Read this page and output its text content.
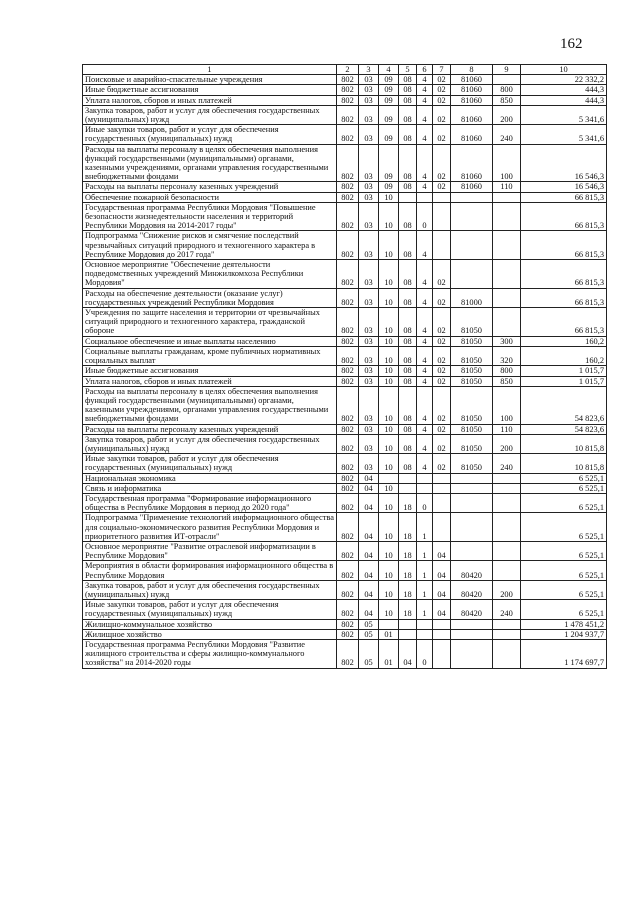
162
1	2	3	4	5	6	7	8	9	10
Поисковые и аварийно-спасательные учреждения	802	03	09	08	4	02	81060		22 332,2
Иные бюджетные ассигнования	802	03	09	08	4	02	81060	800	444,3
Уплата налогов, сборов и иных платежей	802	03	09	08	4	02	81060	850	444,3
Закупка товаров, работ и услуг для обеспечения государственных (муниципальных) нужд	802	03	09	08	4	02	81060	200	5 341,6
Иные закупки товаров, работ и услуг для обеспечения государственных (муниципальных) нужд	802	03	09	08	4	02	81060	240	5 341,6
Расходы на выплаты персоналу в целях обеспечения выполнения функций государственными (муниципальными) органами, казенными учреждениями, органами управления государственными внебюджетными фондами	802	03	09	08	4	02	81060	100	16 546,3
Расходы на выплаты персоналу казенных учреждений	802	03	09	08	4	02	81060	110	16 546,3
Обеспечение пожарной безопасности	802	03	10						66 815,3
Государственная программа Республики Мордовия "Повышение безопасности жизнедеятельности населения и территорий Республики Мордовия на 2014-2017 годы"	802	03	10	08	0				66 815,3
Подпрограмма "Снижение рисков и смягчение последствий чрезвычайных ситуаций природного и техногенного характера в Республике Мордовия до 2017 года"	802	03	10	08	4				66 815,3
Основное мероприятие "Обеспечение деятельности подведомственных учреждений Минжилкомхоза Республики Мордовия"	802	03	10	08	4	02			66 815,3
Расходы на обеспечение деятельности (оказание услуг) государственных учреждений Республики Мордовия	802	03	10	08	4	02	81000		66 815,3
Учреждения по защите населения и территории от чрезвычайных ситуаций природного и техногенного характера, гражданской обороне	802	03	10	08	4	02	81050		66 815,3
Социальное обеспечение и иные выплаты населению	802	03	10	08	4	02	81050	300	160,2
Социальные выплаты гражданам, кроме публичных нормативных социальных выплат	802	03	10	08	4	02	81050	320	160,2
Иные бюджетные ассигнования	802	03	10	08	4	02	81050	800	1 015,7
Уплата налогов, сборов и иных платежей	802	03	10	08	4	02	81050	850	1 015,7
Расходы на выплаты персоналу в целях обеспечения выполнения функций государственными (муниципальными) органами, казенными учреждениями, органами управления государственными внебюджетными фондами	802	03	10	08	4	02	81050	100	54 823,6
Расходы на выплаты персоналу казенных учреждений	802	03	10	08	4	02	81050	110	54 823,6
Закупка товаров, работ и услуг для обеспечения государственных (муниципальных) нужд	802	03	10	08	4	02	81050	200	10 815,8
Иные закупки товаров, работ и услуг для обеспечения государственных (муниципальных) нужд	802	03	10	08	4	02	81050	240	10 815,8
Национальная экономика	802	04							6 525,1
Связь и информатика	802	04	10						6 525,1
Государственная программа "Формирование информационного общества в Республике Мордовия в период до 2020 года"	802	04	10	18	0				6 525,1
Подпрограмма "Применение технологий информационного общества для социально-экономического развития Республики Мордовия и приоритетного развития ИТ-отрасли"	802	04	10	18	1				6 525,1
Основное мероприятие "Развитие отраслевой информатизации в Республике Мордовия"	802	04	10	18	1	04			6 525,1
Мероприятия в области формирования информационного общества в Республике Мордовия	802	04	10	18	1	04	80420		6 525,1
Закупка товаров, работ и услуг для обеспечения государственных (муниципальных) нужд	802	04	10	18	1	04	80420	200	6 525,1
Иные закупки товаров, работ и услуг для обеспечения государственных (муниципальных) нужд	802	04	10	18	1	04	80420	240	6 525,1
Жилищно-коммунальное хозяйство	802	05							1 478 451,2
Жилищное хозяйство	802	05	01						1 204 937,7
Государственная программа Республики Мордовия "Развитие жилищного строительства и сферы жилищно-коммунального хозяйства" на 2014-2020 годы	802	05	01	04	0				1 174 697,7
